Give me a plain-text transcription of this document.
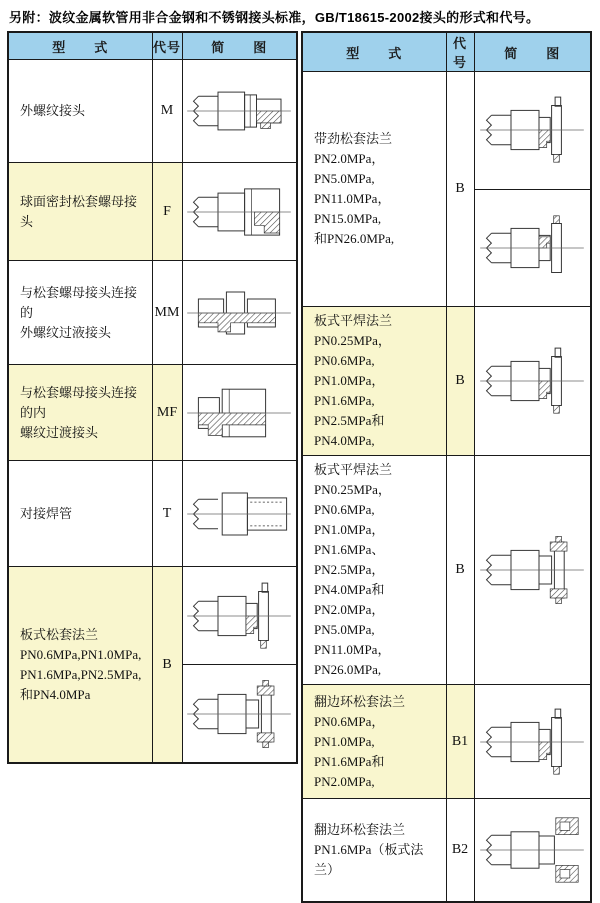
另附：波纹金属软管用非合金钢和不锈钢接头标准，GB/T18615-2002接头的形式和代号。
型　　式	代号	简　　图

外螺纹接头	M	

球面密封松套螺母接头	F	

与松套螺母接头连接的
外螺纹过液接头	MM	

与松套螺母接头连接的内
螺纹过渡接头	MF	

对接焊管	T	

板式松套法兰
PN0.6MPa,PN1.0MPa,
PN1.6MPa,PN2.5MPa,
和PN4.0MPa	B	
型　　式	代号	简　　图

带劲松套法兰
PN2.0MPa，PN5.0MPa,
PN11.0MPa，PN15.0MPa,
和PN26.0MPa,	B	

板式平焊法兰
PN0.25MPa，PN0.6MPa,
PN1.0MPa，PN1.6MPa,
PN2.5MPa和PN4.0MPa,	B	

板式平焊法兰
PN0.25MPa，PN0.6MPa,
PN1.0MPa，PN1.6MPa、
PN2.5MPa，PN4.0MPa和
PN2.0MPa，PN5.0MPa,
PN11.0MPa，PN26.0MPa,
	B	

翻边环松套法兰
PN0.6MPa，PN1.0MPa,
PN1.6MPa和PN2.0MPa,	B1	

翻边环松套法兰
PN1.6MPa（板式法兰）	B2	
